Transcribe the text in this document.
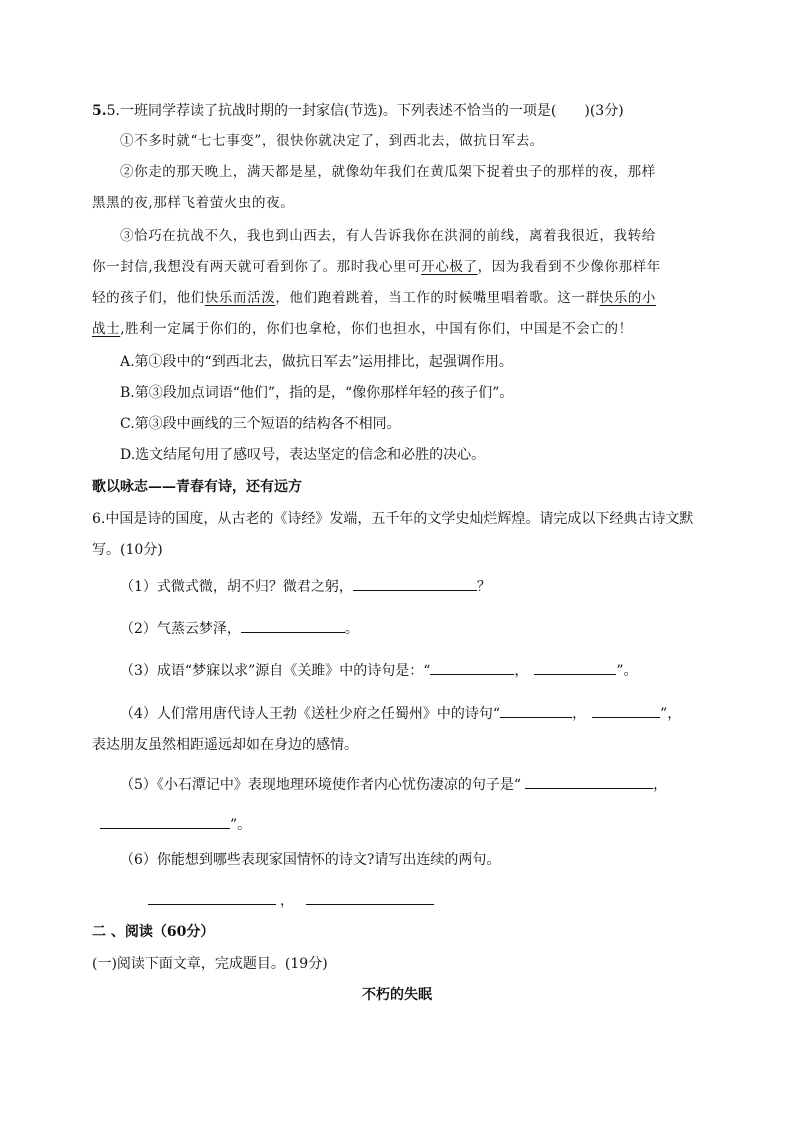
5.5.一班同学荐读了抗战时期的一封家信(节选)。下列表述不恰当的一项是(　　)(3分)
①不多时就“七七事变”，很快你就决定了，到西北去，做抗日军去。
②你走的那天晚上，满天都是星，就像幼年我们在黄瓜架下捉着虫子的那样的夜，那样
黑黑的夜,那样飞着萤火虫的夜。
③恰巧在抗战不久，我也到山西去，有人告诉我你在洪洞的前线，离着我很近，我转给
你一封信,我想没有两天就可看到你了。那时我心里可开心极了，因为我看到不少像你那样年
轻的孩子们，他们快乐而活泼，他们跑着跳着，当工作的时候嘴里唱着歌。这一群快乐的小
战士,胜利一定属于你们的，你们也拿枪，你们也担水，中国有你们，中国是不会亡的！
A.第①段中的“到西北去，做抗日军去”运用排比，起强调作用。
B.第③段加点词语“他们”，指的是，“像你那样年轻的孩子们”。
C.第③段中画线的三个短语的结构各不相同。
D.选文结尾句用了感叹号，表达坚定的信念和必胜的决心。
歌以咏志——青春有诗，还有远方
6.中国是诗的国度，从古老的《诗经》发端，五千年的文学史灿烂辉煌。请完成以下经典古诗文默
写。(10分)
（1）式微式微，胡不归？微君之躬，	？
（2）气蒸云梦泽，	。
（3）成语“梦寐以求”源自《关雎》中的诗句是：“	，	”。
（4）人们常用唐代诗人王勃《送杜少府之任蜀州》中的诗句“	，	”，
表达朋友虽然相距遥远却如在身边的感情。
（5）《小石潭记中》表现地理环境使作者内心忧伤凄凉的句子是“	，
”。
（6）你能想到哪些表现家国情怀的诗文?请写出连续的两句。
，
二 、阅读（60分）
(一)阅读下面文章，完成题目。(19分)
不朽的失眠
